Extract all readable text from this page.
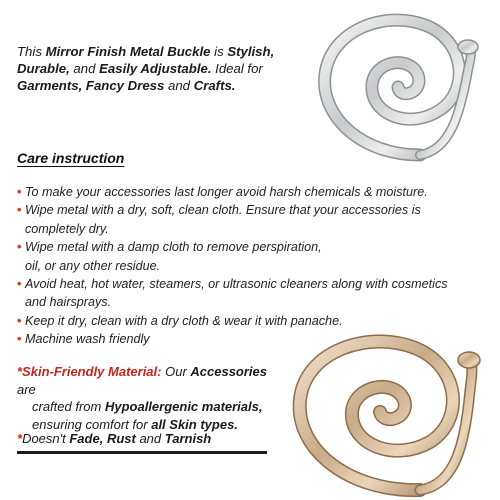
This Mirror Finish Metal Buckle is Stylish,
Durable, and Easily Adjustable. Ideal for
Garments, Fancy Dress and Crafts.

Care instruction
• To make your accessories last longer avoid harsh chemicals & moisture.
• Wipe metal with a dry, soft, clean cloth. Ensure that your accessories is
completely dry.
• Wipe metal with a damp cloth to remove perspiration,
oil, or any other residue.
• Avoid heat, hot water, steamers, or ultrasonic cleaners along with cosmetics
and hairsprays.
• Keep it dry, clean with a dry cloth & wear it with panache.
• Machine wash friendly

*Skin-Friendly Material: Our Accessories are
crafted from Hypoallergenic materials,
ensuring comfort for all Skin types.

*Doesn't Fade, Rust and Tarnish
